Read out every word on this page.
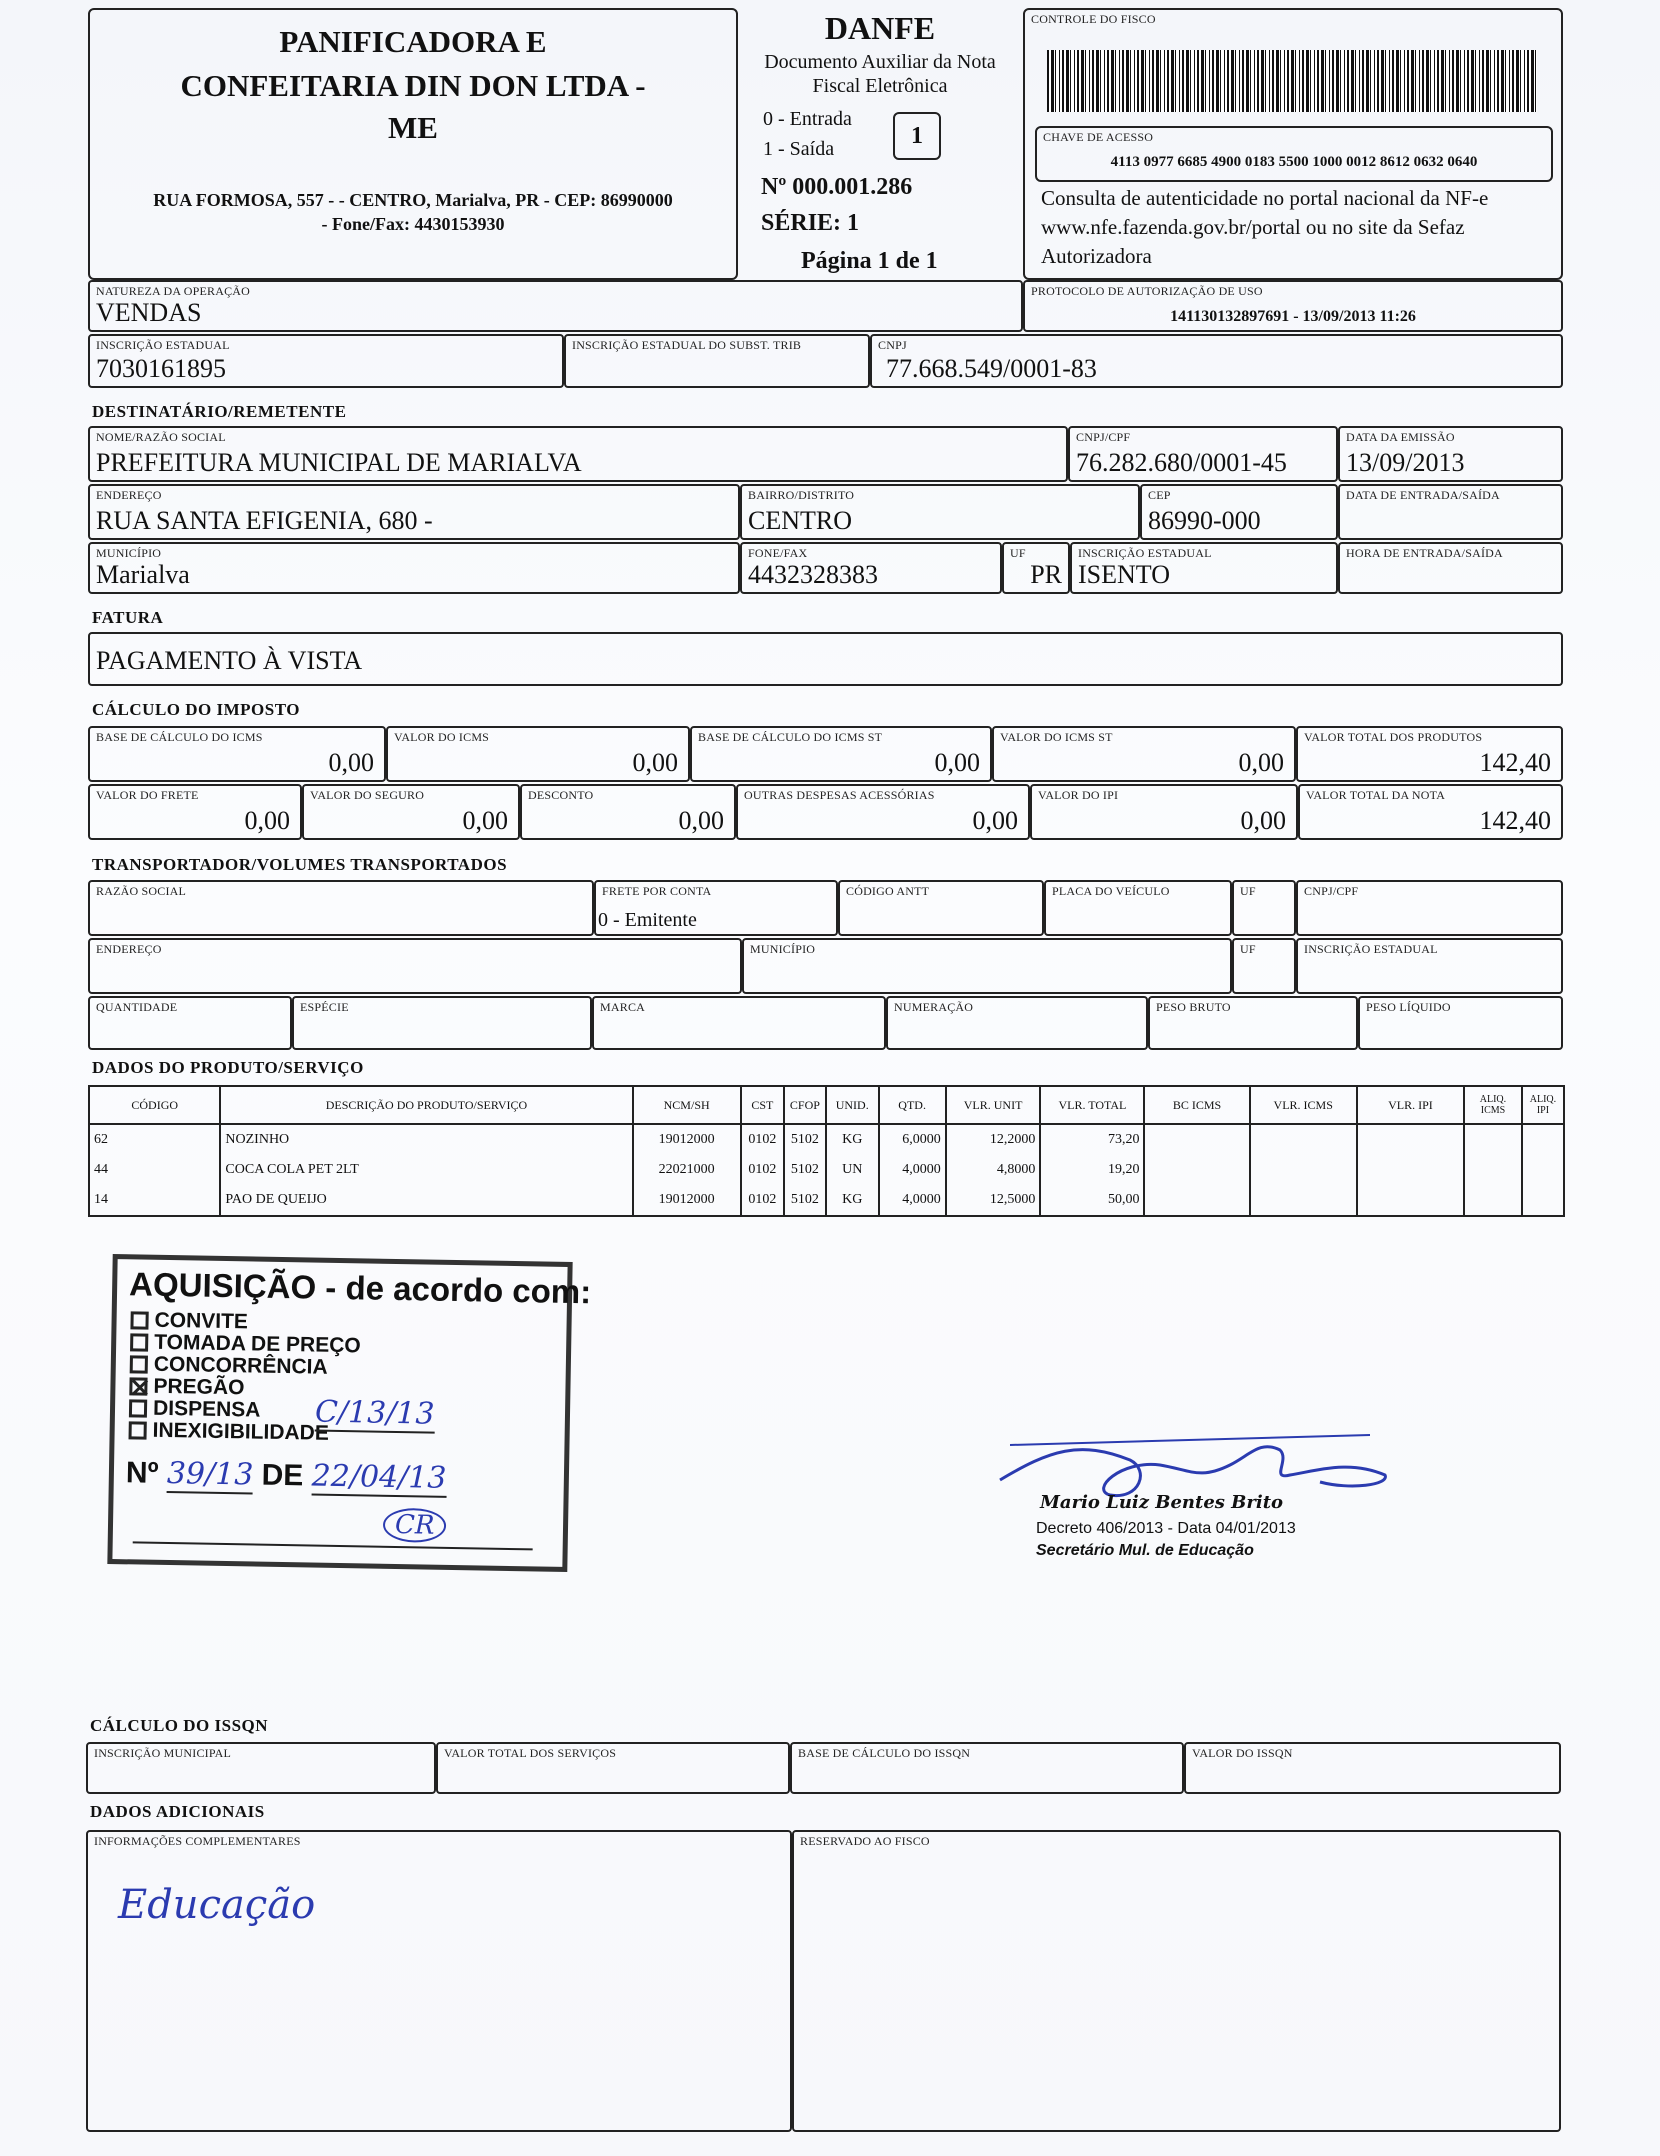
PANIFICADORA E
CONFEITARIA DIN DON LTDA -
ME
RUA FORMOSA, 557 - - CENTRO, Marialva, PR - CEP: 86990000
- Fone/Fax: 4430153930
DANFE
Documento Auxiliar da Nota Fiscal Eletrônica
0 - Entrada
1 - Saída	1
Nº 000.001.286
SÉRIE: 1
Página 1 de 1
CONTROLE DO FISCO
CHAVE DE ACESSO
4113 0977 6685 4900 0183 5500 1000 0012 8612 0632 0640
Consulta de autenticidade no portal nacional da NF-e www.nfe.fazenda.gov.br/portal ou no site da Sefaz Autorizadora
NATUREZA DA OPERAÇÃO
VENDAS
PROTOCOLO DE AUTORIZAÇÃO DE USO
141130132897691 - 13/09/2013 11:26
INSCRIÇÃO ESTADUAL
7030161895
INSCRIÇÃO ESTADUAL DO SUBST. TRIB	CNPJ
77.668.549/0001-83
DESTINATÁRIO/REMETENTE
NOME/RAZÃO SOCIAL
PREFEITURA MUNICIPAL DE MARIALVA
CNPJ/CPF
76.282.680/0001-45
DATA DA EMISSÃO
13/09/2013
ENDEREÇO
RUA SANTA EFIGENIA, 680 -
BAIRRO/DISTRITO
CENTRO
CEP
86990-000
DATA DE ENTRADA/SAÍDA
MUNICÍPIO
Marialva
FONE/FAX
4432328383
UF
PR
INSCRIÇÃO ESTADUAL
ISENTO
HORA DE ENTRADA/SAÍDA
FATURA
PAGAMENTO À VISTA
CÁLCULO DO IMPOSTO
BASE DE CÁLCULO DO ICMS
0,00
VALOR DO ICMS
0,00
BASE DE CÁLCULO DO ICMS ST
0,00
VALOR DO ICMS ST
0,00
VALOR TOTAL DOS PRODUTOS
142,40
VALOR DO FRETE
0,00
VALOR DO SEGURO
0,00
DESCONTO
0,00
OUTRAS DESPESAS ACESSÓRIAS
0,00
VALOR DO IPI
0,00
VALOR TOTAL DA NOTA
142,40
TRANSPORTADOR/VOLUMES TRANSPORTADOS
RAZÃO SOCIAL	FRETE POR CONTA
0 - Emitente
CÓDIGO ANTT	PLACA DO VEÍCULO	UF	CNPJ/CPF
ENDEREÇO	MUNICÍPIO	UF	INSCRIÇÃO ESTADUAL
QUANTIDADE	ESPÉCIE	MARCA	NUMERAÇÃO	PESO BRUTO	PESO LÍQUIDO
DADOS DO PRODUTO/SERVIÇO
CÓDIGO	DESCRIÇÃO DO PRODUTO/SERVIÇO	NCM/SH	CST	CFOP	UNID.	QTD.	VLR. UNIT	VLR. TOTAL	BC ICMS	VLR. ICMS	VLR. IPI	ALIQ. ICMS	ALIQ. IPI
62	NOZINHO	19012000	0102	5102	KG	6,0000	12,2000	73,20					
44	COCA COLA PET 2LT	22021000	0102	5102	UN	4,0000	4,8000	19,20					
14	PAO DE QUEIJO	19012000	0102	5102	KG	4,0000	12,5000	50,00					
AQUISIÇÃO - de acordo com:
CONVITE
TOMADA DE PREÇO
CONCORRÊNCIA
PREGÃO
DISPENSA
INEXIGIBILIDADE
C/13/13
Nº 39/13 DE 22/04/13
CR
Mario Luiz Bentes Brito
Decreto 406/2013 - Data 04/01/2013
Secretário Mul. de Educação
CÁLCULO DO ISSQN
INSCRIÇÃO MUNICIPAL	VALOR TOTAL DOS SERVIÇOS	BASE DE CÁLCULO DO ISSQN	VALOR DO ISSQN
DADOS ADICIONAIS
INFORMAÇÕES COMPLEMENTARES
Educação
RESERVADO AO FISCO
